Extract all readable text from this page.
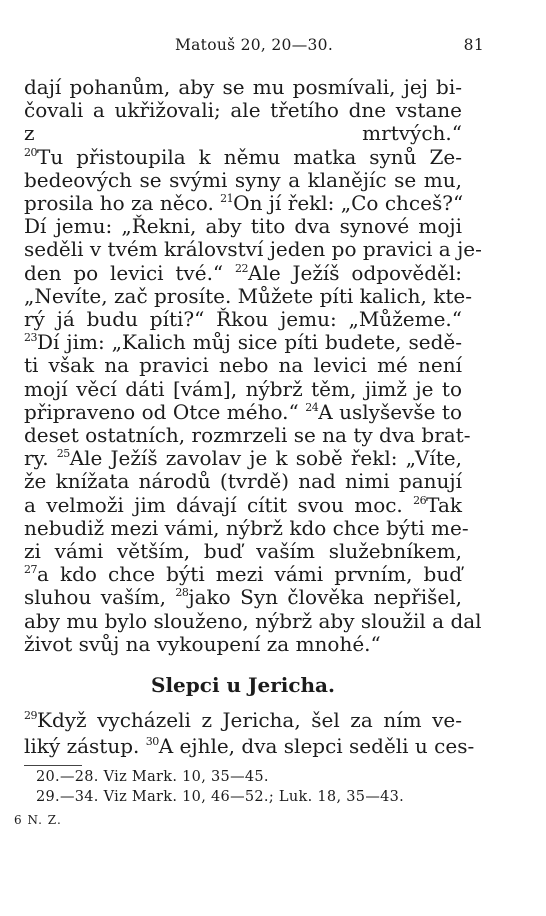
Matouš 20, 20—30.	81
dají pohanům, aby se mu posmívali, jej bi-
čovali a ukřižovali; ale třetího dne vstane
z mrtvých.“
$^{20}$Tu přistoupila k němu matka synů Ze-
bedeových se svými syny a klanějíc se mu,
prosila ho za něco. $^{21}$On jí řekl: „Co chceš?“
Dí jemu: „Řekni, aby tito dva synové moji
seděli v tvém království jeden po pravici a je-
den po levici tvé.“ $^{22}$Ale Ježíš odpověděl:
„Nevíte, zač prosíte. Můžete píti kalich, kte-
rý já budu píti?“ Řkou jemu: „Můžeme.“
$^{23}$Dí jim: „Kalich můj sice píti budete, sedě-
ti však na pravici nebo na levici mé není
mojí věcí dáti [vám], nýbrž těm, jimž je to
připraveno od Otce mého.“ $^{24}$A uslyševše to
deset ostatních, rozmrzeli se na ty dva brat-
ry. $^{25}$Ale Ježíš zavolav je k sobě řekl: „Víte,
že knížata národů (tvrdě) nad nimi panují
a velmoži jim dávají cítit svou moc. $^{26}$Tak
nebudiž mezi vámi, nýbrž kdo chce býti me-
zi vámi větším, buď vaším služebníkem,
$^{27}$a kdo chce býti mezi vámi prvním, buď
sluhou vaším, $^{28}$jako Syn člověka nepřišel,
aby mu bylo slouženo, nýbrž aby sloužil a dal
život svůj na vykoupení za mnohé.“
Slepci u Jericha.
$^{29}$Když vycházeli z Jericha, šel za ním ve-
liký zástup. $^{30}$A ejhle, dva slepci seděli u ces-
20.—28. Viz Mark. 10, 35—45.
29.—34. Viz Mark. 10, 46—52.; Luk. 18, 35—43.
6 N. Z.
